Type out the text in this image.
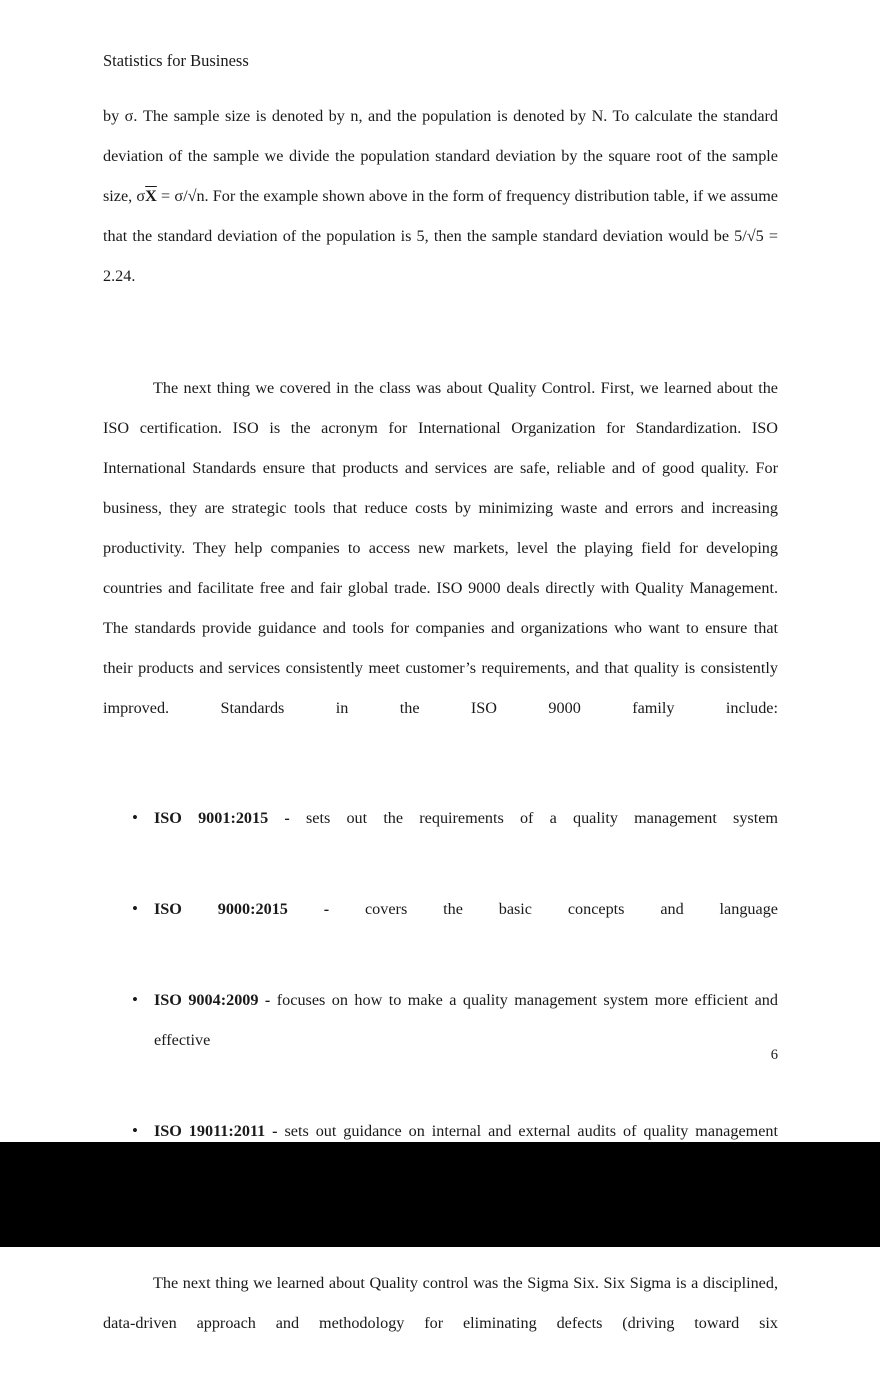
Statistics for Business

by σ. The sample size is denoted by n, and the population is denoted by N. To calculate the standard deviation of the sample we divide the population standard deviation by the square root of the sample size, $\sigma\overline{X} = \sigma/√n$. For the example shown above in the form of frequency distribution table, if we assume that the standard deviation of the population is 5, then the sample standard deviation would be 5/√5 = 2.24.

The next thing we covered in the class was about Quality Control. First, we learned about the ISO certification. ISO is the acronym for International Organization for Standardization. ISO International Standards ensure that products and services are safe, reliable and of good quality. For business, they are strategic tools that reduce costs by minimizing waste and errors and increasing productivity. They help companies to access new markets, level the playing field for developing countries and facilitate free and fair global trade. ISO 9000 deals directly with Quality Management. The standards provide guidance and tools for companies and organizations who want to ensure that their products and services consistently meet customer’s requirements, and that quality is consistently improved. Standards in the ISO 9000 family include:

• ISO 9001:2015 - sets out the requirements of a quality management system
• ISO 9000:2015 - covers the basic concepts and language
• ISO 9004:2009 - focuses on how to make a quality management system more efficient and effective
• ISO 19011:2011 - sets out guidance on internal and external audits of quality management

The next thing we learned about Quality control was the Sigma Six. Six Sigma is a disciplined, data-driven approach and methodology for eliminating defects (driving toward six

6
